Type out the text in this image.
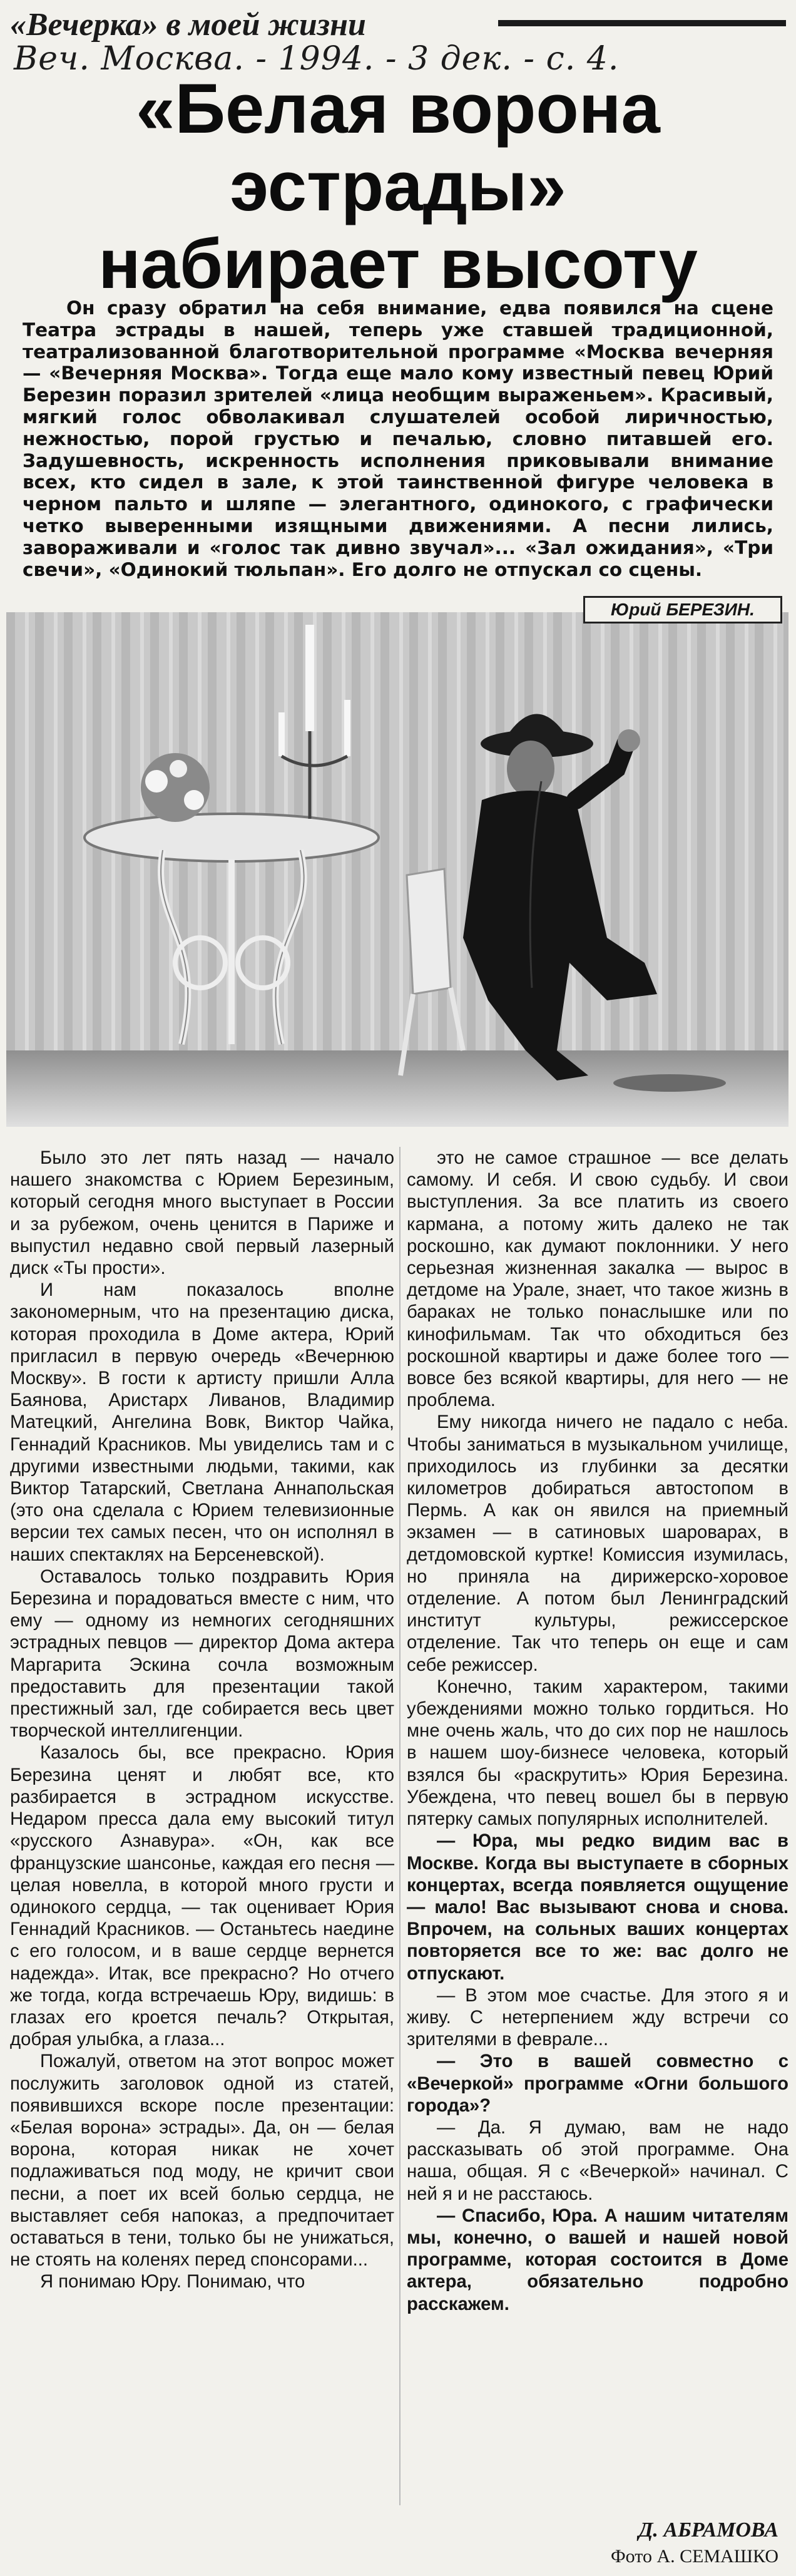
«Вечерка» в моей жизни
Веч. Москва. - 1994. - 3 дек. - с. 4.
«Белая ворона
эстрады»
набирает высоту

Он сразу обратил на себя внимание, едва появился на сцене Театра эстрады в нашей, теперь уже ставшей традиционной, театрализованной благотворительной программе «Москва вечерняя — «Вечерняя Москва». Тогда еще мало кому известный певец Юрий Березин поразил зрителей «лица необщим выраженьем». Красивый, мягкий голос обволакивал слушателей особой лиричностью, нежностью, порой грустью и печалью, словно питавшей его. Задушевность, искренность исполнения приковывали внимание всех, кто сидел в зале, к этой таинственной фигуре человека в черном пальто и шляпе — элегантного, одинокого, с графически четко выверенными изящными движениями. А песни лились, завораживали и «голос так дивно звучал»... «Зал ожидания», «Три свечи», «Одинокий тюльпан». Его долго не отпускал со сцены.

Юрий БЕРЕЗИН.

Было это лет пять назад — начало нашего знакомства с Юрием Березиным, который сегодня много выступает в России и за рубежом, очень ценится в Париже и выпустил недавно свой первый лазерный диск «Ты прости».

И нам показалось вполне закономерным, что на презентацию диска, которая проходила в Доме актера, Юрий пригласил в первую очередь «Вечернюю Москву». В гости к артисту пришли Алла Баянова, Аристарх Ливанов, Владимир Матецкий, Ангелина Вовк, Виктор Чайка, Геннадий Красников. Мы увиделись там и с другими известными людьми, такими, как Виктор Татарский, Светлана Аннапольская (это она сделала с Юрием телевизионные версии тех самых песен, что он исполнял в наших спектаклях на Берсеневской).

Оставалось только поздравить Юрия Березина и порадоваться вместе с ним, что ему — одному из немногих сегодняшних эстрадных певцов — директор Дома актера Маргарита Эскина сочла возможным предоставить для презентации такой престижный зал, где собирается весь цвет творческой интеллигенции.

Казалось бы, все прекрасно. Юрия Березина ценят и любят все, кто разбирается в эстрадном искусстве. Недаром пресса дала ему высокий титул «русского Азнавура». «Он, как все французские шансонье, каждая его песня — целая новелла, в которой много грусти и одинокого сердца, — так оценивает Юрия Геннадий Красников. — Останьтесь наедине с его голосом, и в ваше сердце вернется надежда». Итак, все прекрасно? Но отчего же тогда, когда встречаешь Юру, видишь: в глазах его кроется печаль? Открытая, добрая улыбка, а глаза...

Пожалуй, ответом на этот вопрос может послужить заголовок одной из статей, появившихся вскоре после презентации: «Белая ворона» эстрады». Да, он — белая ворона, которая никак не хочет подлаживаться под моду, не кричит свои песни, а поет их всей болью сердца, не выставляет себя напоказ, а предпочитает оставаться в тени, только бы не унижаться, не стоять на коленях перед спонсорами...

Я понимаю Юру. Понимаю, что

это не самое страшное — все делать самому. И себя. И свою судьбу. И свои выступления. За все платить из своего кармана, а потому жить далеко не так роскошно, как думают поклонники. У него серьезная жизненная закалка — вырос в детдоме на Урале, знает, что такое жизнь в бараках не только понаслышке или по кинофильмам. Так что обходиться без роскошной квартиры и даже более того — вовсе без всякой квартиры, для него — не проблема.

Ему никогда ничего не падало с неба. Чтобы заниматься в музыкальном училище, приходилось из глубинки за десятки километров добираться автостопом в Пермь. А как он явился на приемный экзамен — в сатиновых шароварах, в детдомовской куртке! Комиссия изумилась, но приняла на дирижерско-хоровое отделение. А потом был Ленинградский институт культуры, режиссерское отделение. Так что теперь он еще и сам себе режиссер.

Конечно, таким характером, такими убеждениями можно только гордиться. Но мне очень жаль, что до сих пор не нашлось в нашем шоу-бизнесе человека, который взялся бы «раскрутить» Юрия Березина. Убеждена, что певец вошел бы в первую пятерку самых популярных исполнителей.

— Юра, мы редко видим вас в Москве. Когда вы выступаете в сборных концертах, всегда появляется ощущение — мало! Вас вызывают снова и снова. Впрочем, на сольных ваших концертах повторяется все то же: вас долго не отпускают.

— В этом мое счастье. Для этого я и живу. С нетерпением жду встречи со зрителями в феврале...

— Это в вашей совместно с «Вечеркой» программе «Огни большого города»?

— Да. Я думаю, вам не надо рассказывать об этой программе. Она наша, общая. Я с «Вечеркой» начинал. С ней я и не расстаюсь.

— Спасибо, Юра. А нашим читателям мы, конечно, о вашей и нашей новой программе, которая состоится в Доме актера, обязательно подробно расскажем.

Д. АБРАМОВА
Фото А. СЕМАШКО
